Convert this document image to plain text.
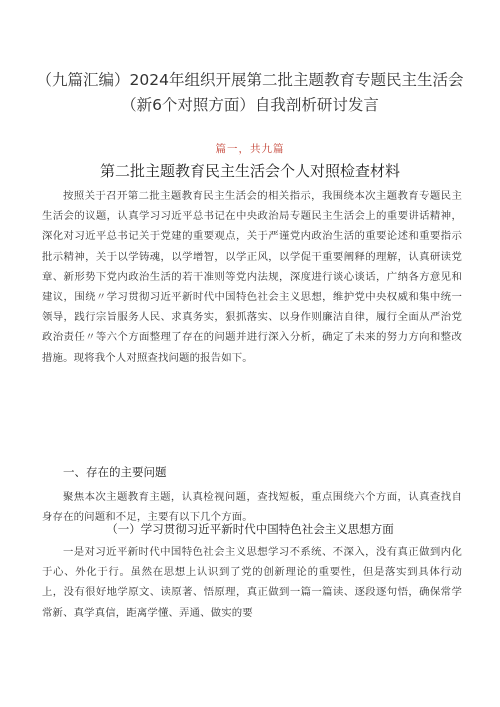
（九篇汇编）2024年组织开展第二批主题教育专题民主生活会（新6个对照方面）自我剖析研讨发言
篇一，共九篇
第二批主题教育民主生活会个人对照检查材料

按照关于召开第二批主题教育民主生活会的相关指示，我围绕本次主题教育专题民主生活会的议题，认真学习习近平总书记在中央政治局专题民主生活会上的重要讲话精神，深化对习近平总书记关于党建的重要观点，关于严谨党内政治生活的重要论述和重要指示批示精神，关于以学铸魂，以学增智，以学正风，以学促干重要阐释的理解，认真研读党章、新形势下党内政治生活的若干准则等党内法规，深度进行谈心谈话，广纳各方意见和建议，围绕〃学习贯彻习近平新时代中国特色社会主义思想，维护党中央权威和集中统一领导，践行宗旨服务人民、求真务实，狠抓落实、以身作则廉洁自律，履行全面从严治党政治责任〃等六个方面整理了存在的问题并进行深入分析，确定了未来的努力方向和整改措施。现将我个人对照查找问题的报告如下。

一、存在的主要问题

聚焦本次主题教育主题，认真检视问题，查找短板，重点围绕六个方面，认真查找自身存在的问题和不足，主要有以下几个方面。

（一）学习贯彻习近平新时代中国特色社会主义思想方面

一是对习近平新时代中国特色社会主义思想学习不系统、不深入，没有真正做到内化于心、外化于行。虽然在思想上认识到了党的创新理论的重要性，但是落实到具体行动上，没有很好地学原文、读原著、悟原理，真正做到一篇一篇读、逐段逐句悟，确保常学常新、真学真信，距离学懂、弄通、做实的要
